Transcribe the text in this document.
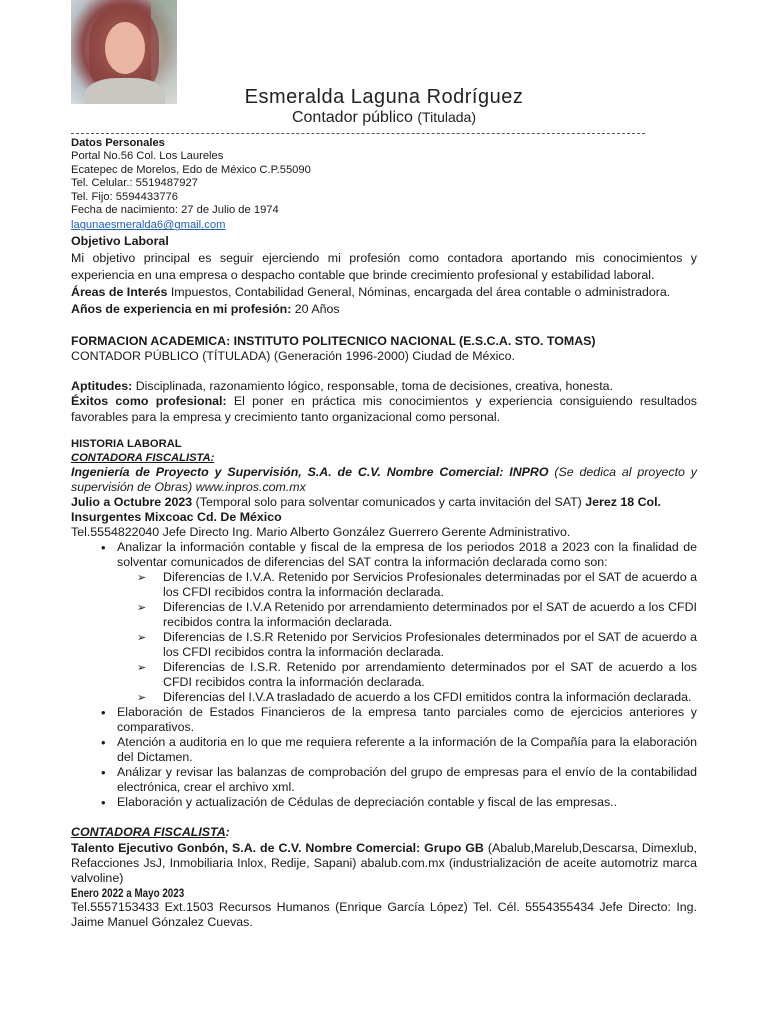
Esmeralda Laguna Rodríguez
Contador público (Titulada)

Datos Personales

Portal No.56 Col. Los Laureles

Ecatepec de Morelos, Edo de México C.P.55090

Tel. Celular.: 5519487927

Tel. Fijo: 5594433776

Fecha de nacimiento: 27 de Julio de 1974

lagunaesmeralda6@gmail.com

Objetivo Laboral

Mi objetivo principal es seguir ejerciendo mi profesión como contadora aportando mis conocimientos y experiencia en una empresa o despacho contable que brinde crecimiento profesional y estabilidad laboral.

Áreas de Interés Impuestos, Contabilidad General, Nóminas, encargada del área contable o administradora.

Años de experiencia en mi profesión: 20 Años

FORMACION ACADEMICA: INSTITUTO POLITECNICO NACIONAL (E.S.C.A. STO. TOMAS)

CONTADOR PÚBLICO (TÍTULADA) (Generación 1996-2000) Ciudad de México.

Aptitudes: Disciplinada, razonamiento lógico, responsable, toma de decisiones, creativa, honesta.

Éxitos como profesional: El poner en práctica mis conocimientos y experiencia consiguiendo resultados favorables para la empresa y crecimiento tanto organizacional como personal.

HISTORIA LABORAL

CONTADORA FISCALISTA:

Ingeniería de Proyecto y Supervisión, S.A. de C.V. Nombre Comercial: INPRO (Se dedica al proyecto y supervisión de Obras) www.inpros.com.mx

Julio a Octubre 2023 (Temporal solo para solventar comunicados y carta invitación del SAT) Jerez 18 Col. Insurgentes Mixcoac Cd. De México

Tel.5554822040 Jefe Directo Ing. Mario Alberto González Guerrero Gerente Administrativo.

• Analizar la información contable y fiscal de la empresa de los periodos 2018 a 2023 con la finalidad de solventar comunicados de diferencias del SAT contra la información declarada como son:
➢ Diferencias de I.V.A. Retenido por Servicios Profesionales determinadas por el SAT de acuerdo a los CFDI recibidos contra la información declarada.
➢ Diferencias de I.V.A Retenido por arrendamiento determinados por el SAT de acuerdo a los CFDI recibidos contra la información declarada.
➢ Diferencias de I.S.R Retenido por Servicios Profesionales determinados por el SAT de acuerdo a los CFDI recibidos contra la información declarada.
➢ Diferencias de I.S.R. Retenido por arrendamiento determinados por el SAT de acuerdo a los CFDI recibidos contra la información declarada.
➢ Diferencias del I.V.A trasladado de acuerdo a los CFDI emitidos contra la información declarada.
• Elaboración de Estados Financieros de la empresa tanto parciales como de ejercicios anteriores y comparativos.
• Atención a auditoria en lo que me requiera referente a la información de la Compañía para la elaboración del Dictamen.
• Análizar y revisar las balanzas de comprobación del grupo de empresas para el envío de la contabilidad electrónica, crear el archivo xml.
• Elaboración y actualización de Cédulas de depreciación contable y fiscal de las empresas..

CONTADORA FISCALISTA:

Talento Ejecutivo Gonbón, S.A. de C.V. Nombre Comercial: Grupo GB (Abalub,Marelub,Descarsa, Dimexlub, Refacciones JsJ, Inmobiliaria Inlox, Redije, Sapani) abalub.com.mx (industrialización de aceite automotriz marca valvoline)

Enero 2022 a Mayo 2023

Tel.5557153433 Ext.1503 Recursos Humanos (Enrique García López) Tel. Cél. 5554355434 Jefe Directo: Ing. Jaime Manuel Gónzalez Cuevas.
